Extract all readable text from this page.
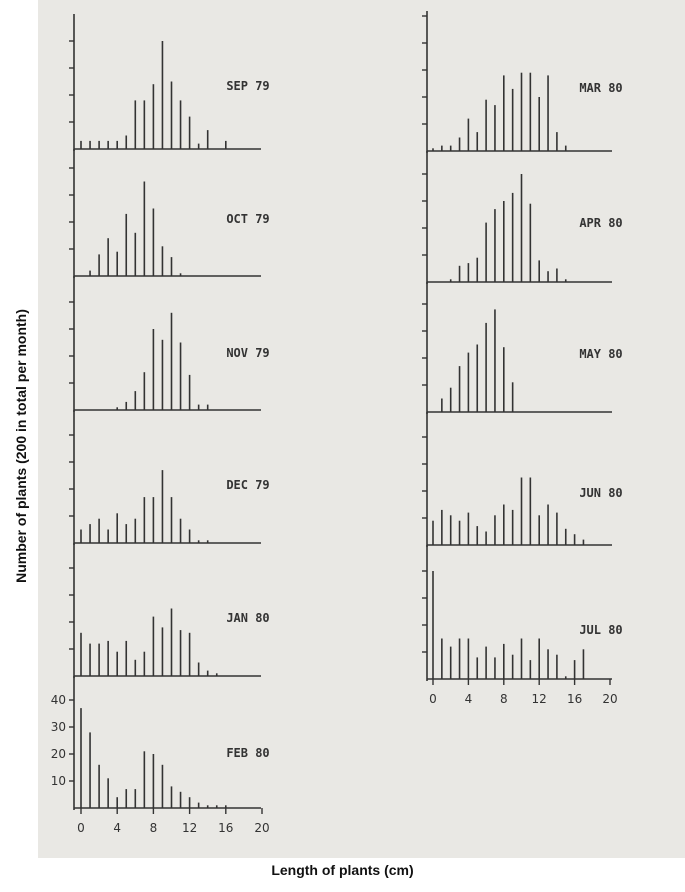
SEP 79
OCT 79
NOV 79
DEC 79
JAN 80
FEB 80
0 4 8 12 16 20
10
20
30
40
MAR 80
APR 80
MAY 80
JUN 80
JUL 80
0 4 8 12 16 20
Number of plants (200 in total per month)
Length of plants (cm)
